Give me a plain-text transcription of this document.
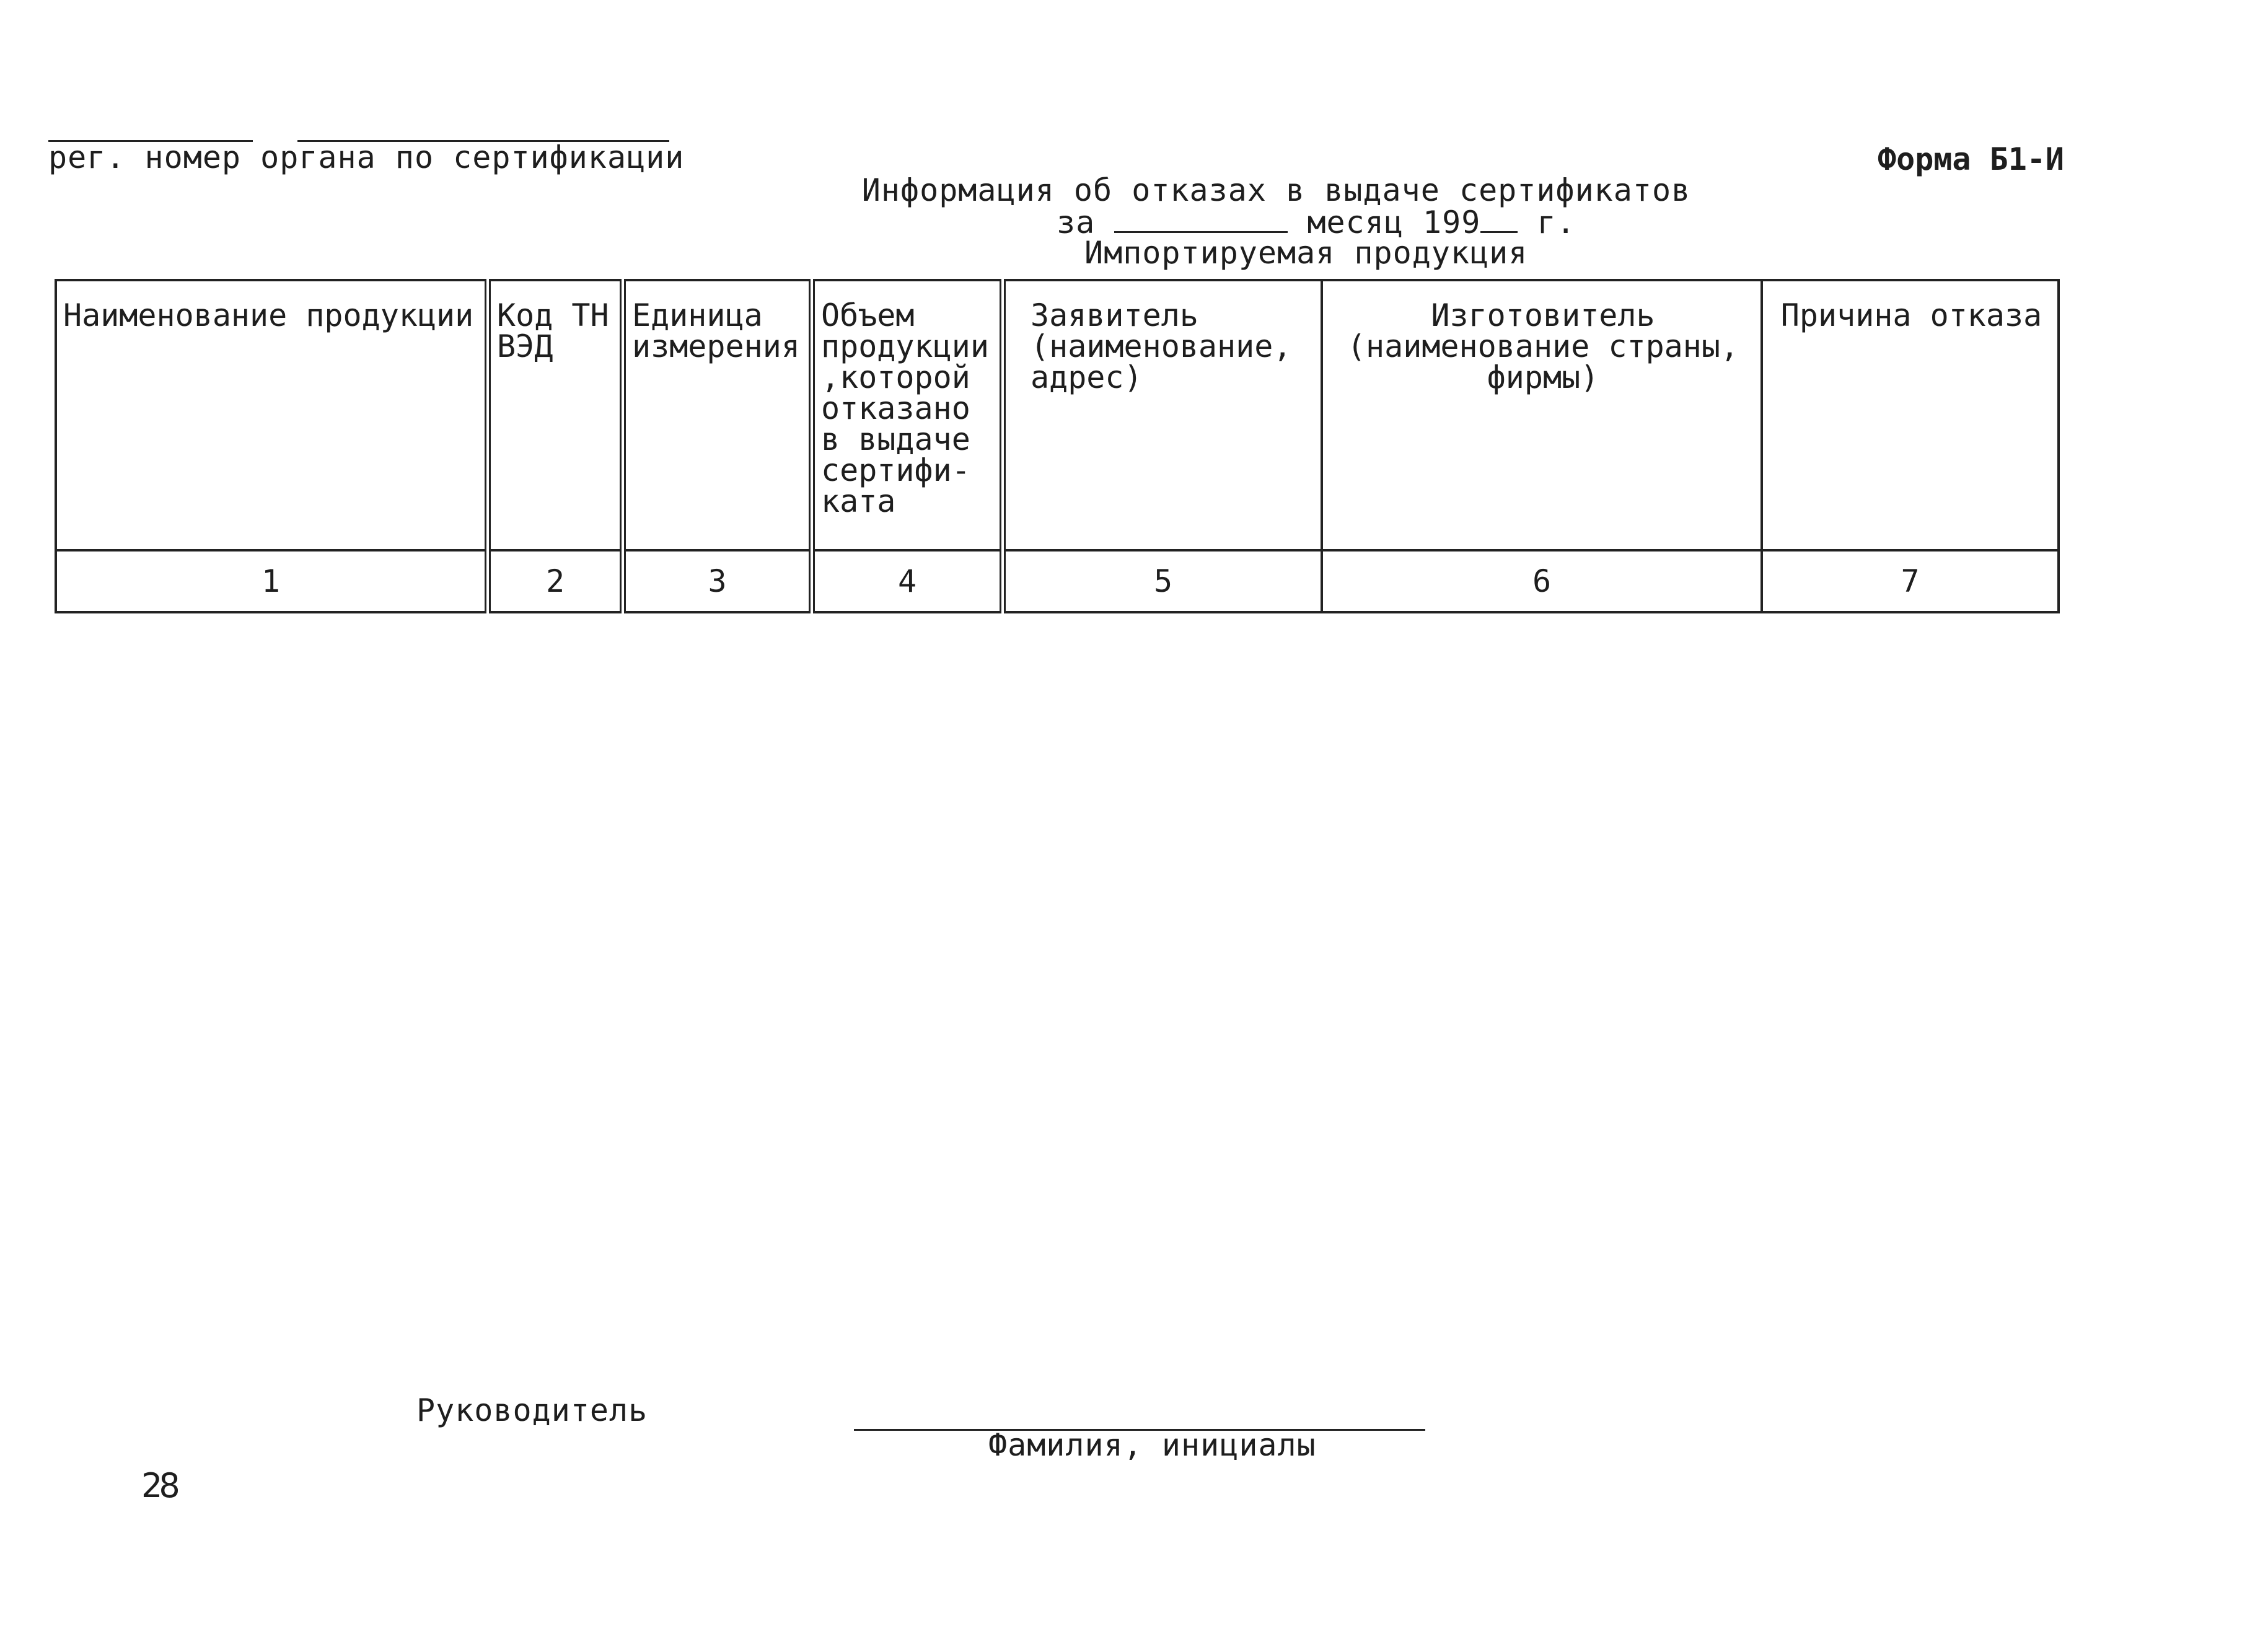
рег. номер органа по сертификации	Форма Б1-И
Информация об отказах в выдаче сертификатов
за	месяц 199 г.
Импортируемая продукция
Наименование продукции	Код ТН ВЭД	Единица измерения	Объем продукции ,которой отказано в выдаче сертифи- ката	Заявитель (наименование, адрес)	Изготовитель (наименование страны, фирмы)	Причина отказа
1	2	3	4	5	6	7
Руководитель
Фамилия, инициалы
28
